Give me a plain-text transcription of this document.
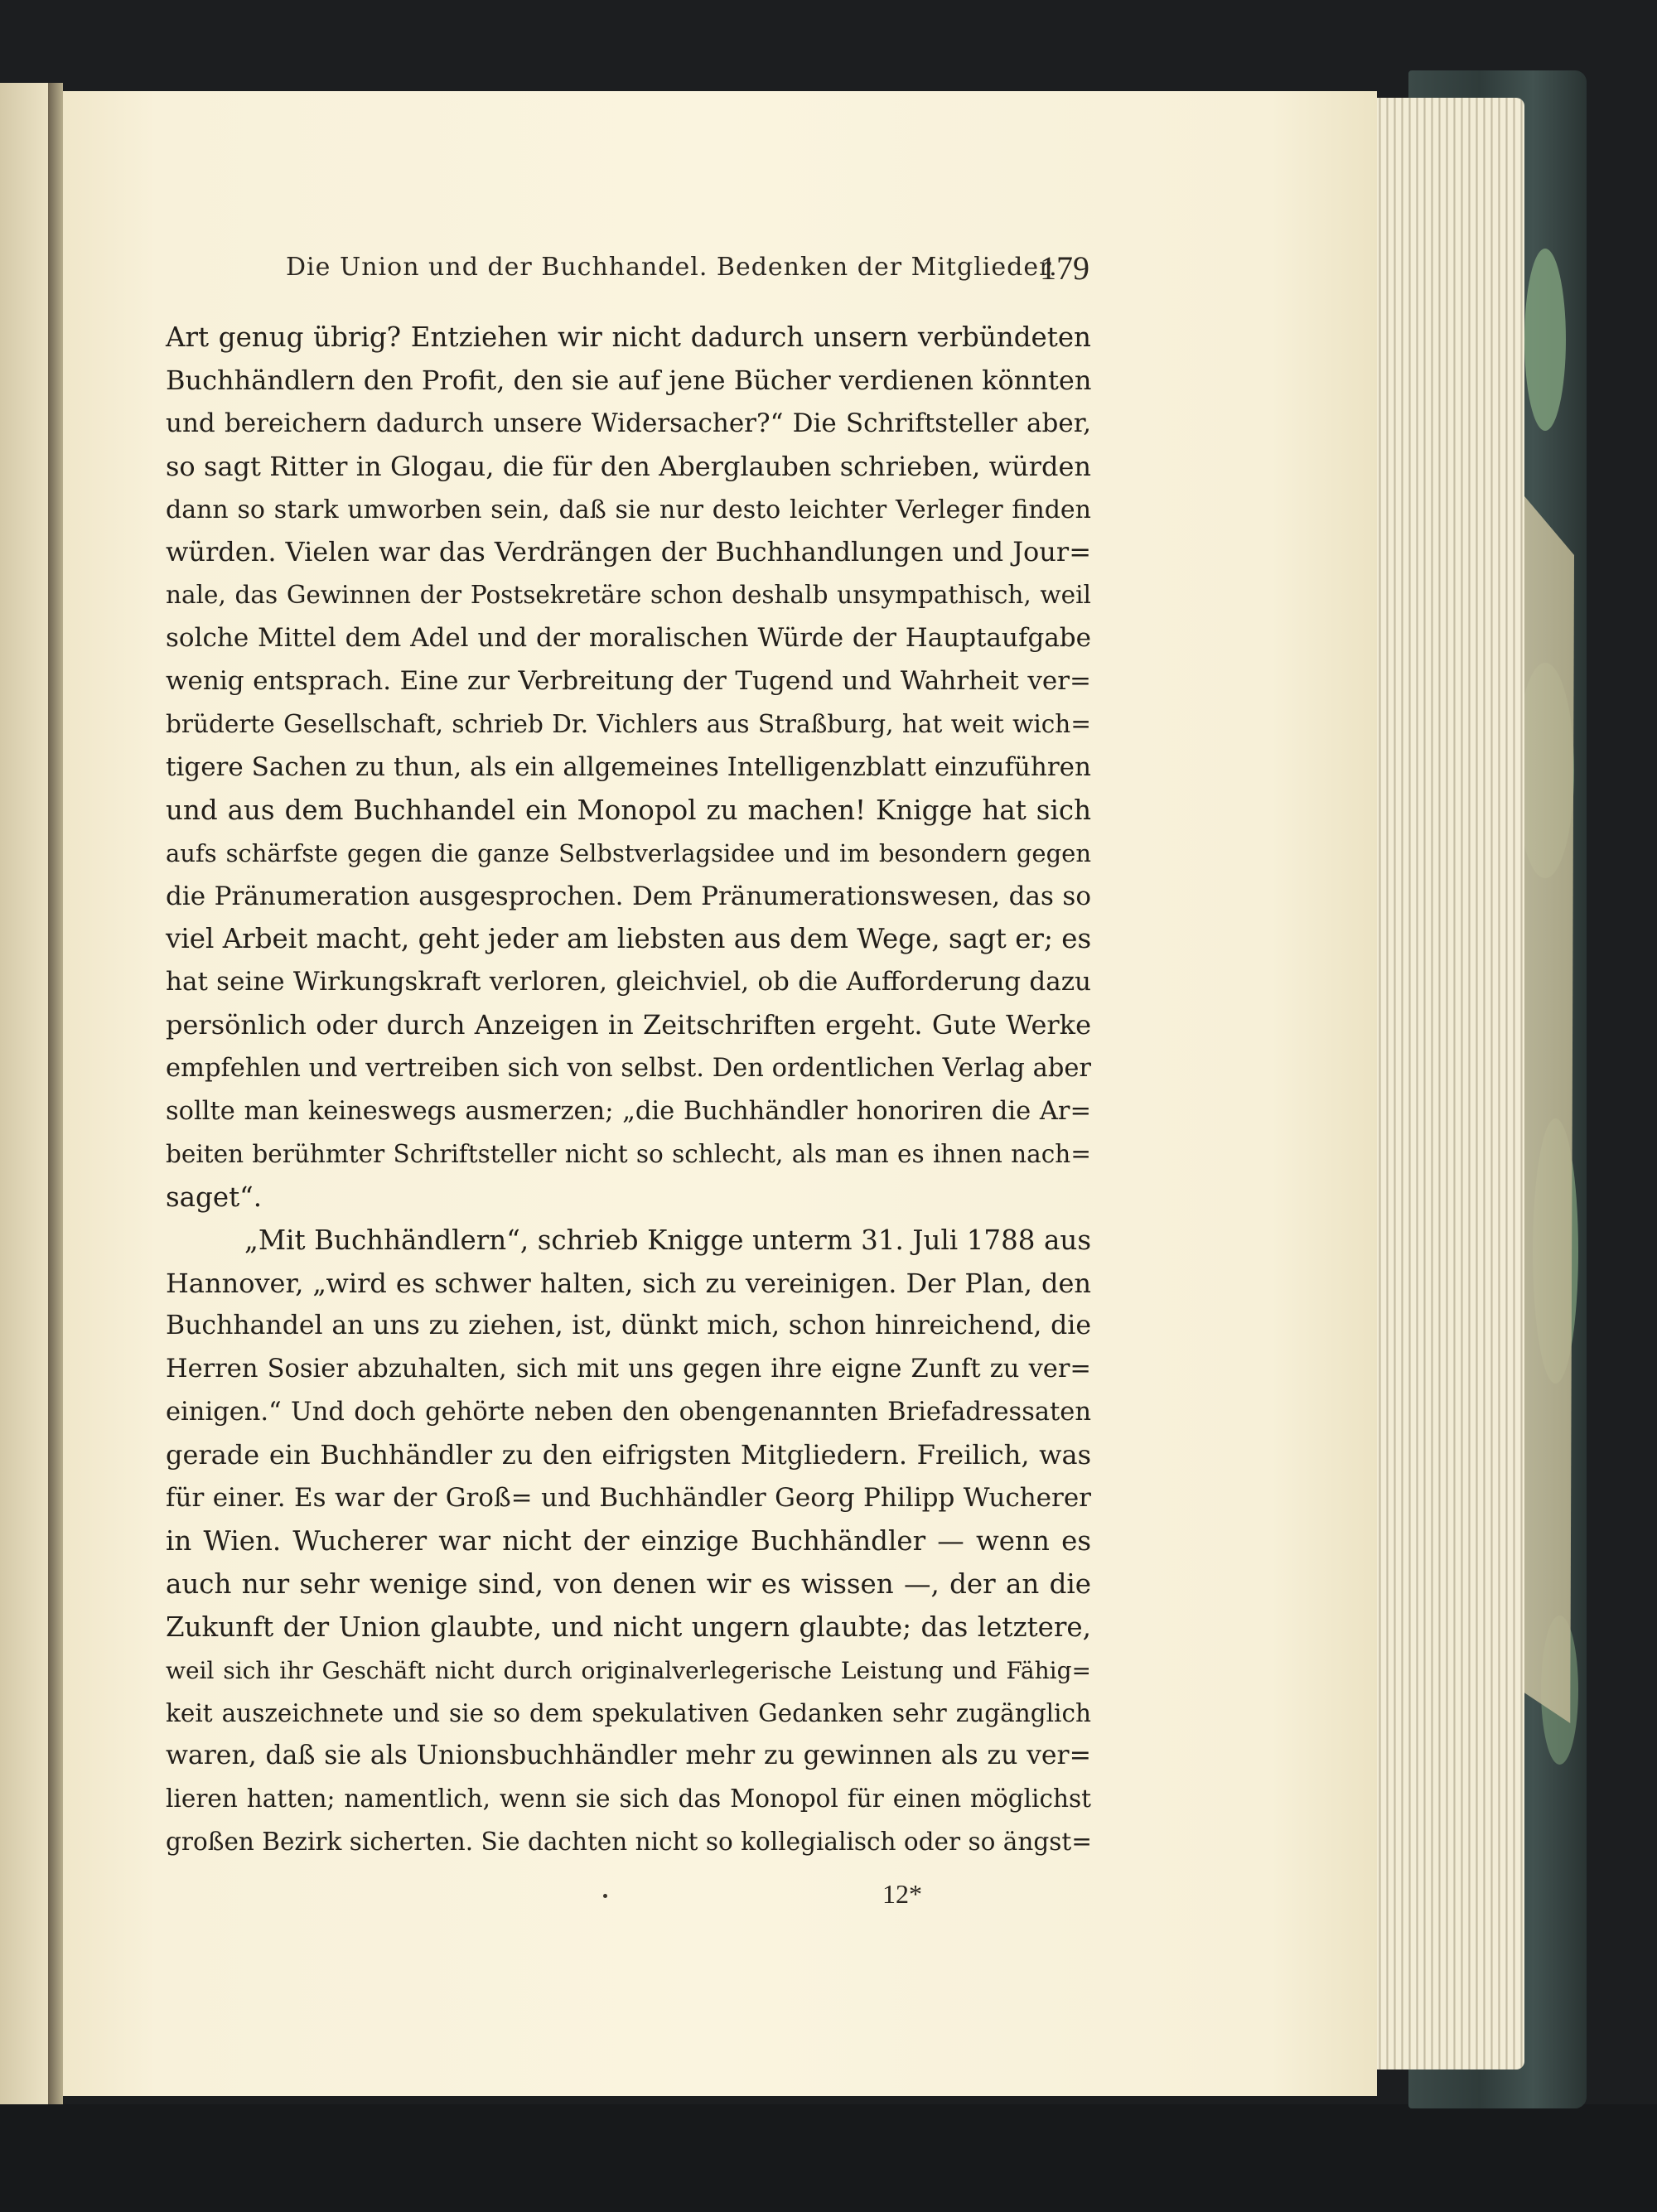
Die Union und der Buchhandel. Bedenken der Mitglieder.
179
Art genug übrig? Entziehen wir nicht dadurch unsern verbündeten
Buchhändlern den Profit, den sie auf jene Bücher verdienen könnten
und bereichern dadurch unsere Widersacher?“ Die Schriftsteller aber,
so sagt Ritter in Glogau, die für den Aberglauben schrieben, würden
dann so stark umworben sein, daß sie nur desto leichter Verleger finden
würden. Vielen war das Verdrängen der Buchhandlungen und Jour=
nale, das Gewinnen der Postsekretäre schon deshalb unsympathisch, weil
solche Mittel dem Adel und der moralischen Würde der Hauptaufgabe
wenig entsprach. Eine zur Verbreitung der Tugend und Wahrheit ver=
brüderte Gesellschaft, schrieb Dr. Vichlers aus Straßburg, hat weit wich=
tigere Sachen zu thun, als ein allgemeines Intelligenzblatt einzuführen
und aus dem Buchhandel ein Monopol zu machen! Knigge hat sich
aufs schärfste gegen die ganze Selbstverlagsidee und im besondern gegen
die Pränumeration ausgesprochen. Dem Pränumerationswesen, das so
viel Arbeit macht, geht jeder am liebsten aus dem Wege, sagt er; es
hat seine Wirkungskraft verloren, gleichviel, ob die Aufforderung dazu
persönlich oder durch Anzeigen in Zeitschriften ergeht. Gute Werke
empfehlen und vertreiben sich von selbst. Den ordentlichen Verlag aber
sollte man keineswegs ausmerzen; „die Buchhändler honoriren die Ar=
beiten berühmter Schriftsteller nicht so schlecht, als man es ihnen nach=
saget“.
„Mit Buchhändlern“, schrieb Knigge unterm 31. Juli 1788 aus
Hannover, „wird es schwer halten, sich zu vereinigen. Der Plan, den
Buchhandel an uns zu ziehen, ist, dünkt mich, schon hinreichend, die
Herren Sosier abzuhalten, sich mit uns gegen ihre eigne Zunft zu ver=
einigen.“ Und doch gehörte neben den obengenannten Briefadressaten
gerade ein Buchhändler zu den eifrigsten Mitgliedern. Freilich, was
für einer. Es war der Groß= und Buchhändler Georg Philipp Wucherer
in Wien. Wucherer war nicht der einzige Buchhändler — wenn es
auch nur sehr wenige sind, von denen wir es wissen —, der an die
Zukunft der Union glaubte, und nicht ungern glaubte; das letztere,
weil sich ihr Geschäft nicht durch originalverlegerische Leistung und Fähig=
keit auszeichnete und sie so dem spekulativen Gedanken sehr zugänglich
waren, daß sie als Unionsbuchhändler mehr zu gewinnen als zu ver=
lieren hatten; namentlich, wenn sie sich das Monopol für einen möglichst
großen Bezirk sicherten. Sie dachten nicht so kollegialisch oder so ängst=
12*
